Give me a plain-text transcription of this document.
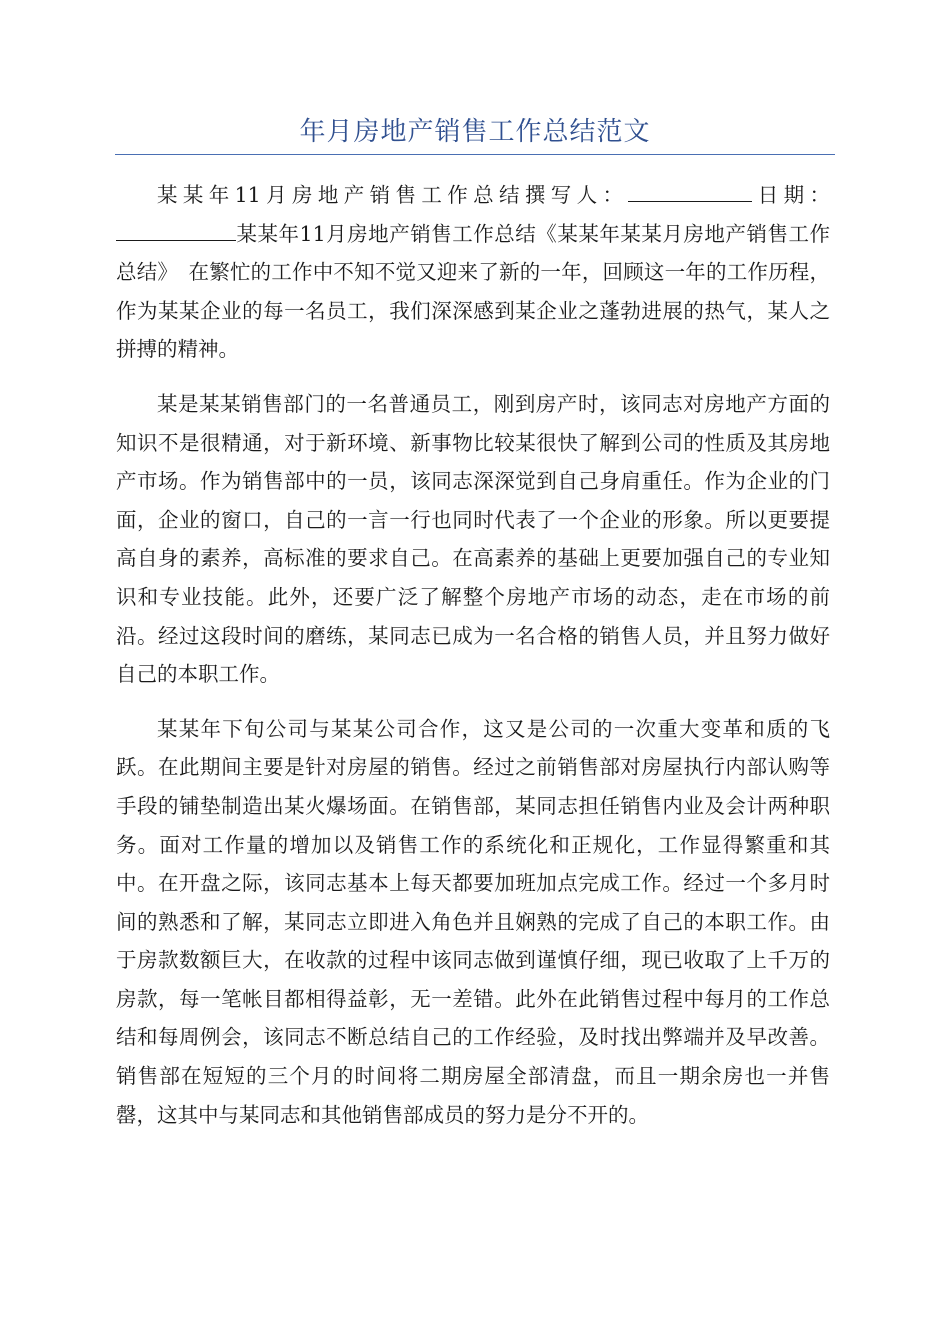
年月房地产销售工作总结范文

某某年11月房地产销售工作总结撰写人：	日期：某某年11月房地产销售工作总结《某某年某某月房地产销售工作总结》　在繁忙的工作中不知不觉又迎来了新的一年，回顾这一年的工作历程，作为某某企业的每一名员工，我们深深感到某企业之蓬勃进展的热气，某人之拼搏的精神。

某是某某销售部门的一名普通员工，刚到房产时，该同志对房地产方面的知识不是很精通，对于新环境、新事物比较某很快了解到公司的性质及其房地产市场。作为销售部中的一员，该同志深深觉到自己身肩重任。作为企业的门面，企业的窗口，自己的一言一行也同时代表了一个企业的形象。所以更要提高自身的素养，高标准的要求自己。在高素养的基础上更要加强自己的专业知识和专业技能。此外，还要广泛了解整个房地产市场的动态，走在市场的前沿。经过这段时间的磨练，某同志已成为一名合格的销售人员，并且努力做好自己的本职工作。

某某年下旬公司与某某公司合作，这又是公司的一次重大变革和质的飞跃。在此期间主要是针对房屋的销售。经过之前销售部对房屋执行内部认购等手段的铺垫制造出某火爆场面。在销售部，某同志担任销售内业及会计两种职务。面对工作量的增加以及销售工作的系统化和正规化，工作显得繁重和其中。在开盘之际，该同志基本上每天都要加班加点完成工作。经过一个多月时间的熟悉和了解，某同志立即进入角色并且娴熟的完成了自己的本职工作。由于房款数额巨大，在收款的过程中该同志做到谨慎仔细，现已收取了上千万的房款，每一笔帐目都相得益彰，无一差错。此外在此销售过程中每月的工作总结和每周例会，该同志不断总结自己的工作经验，及时找出弊端并及早改善。销售部在短短的三个月的时间将二期房屋全部清盘，而且一期余房也一并售罄，这其中与某同志和其他销售部成员的努力是分不开的。
